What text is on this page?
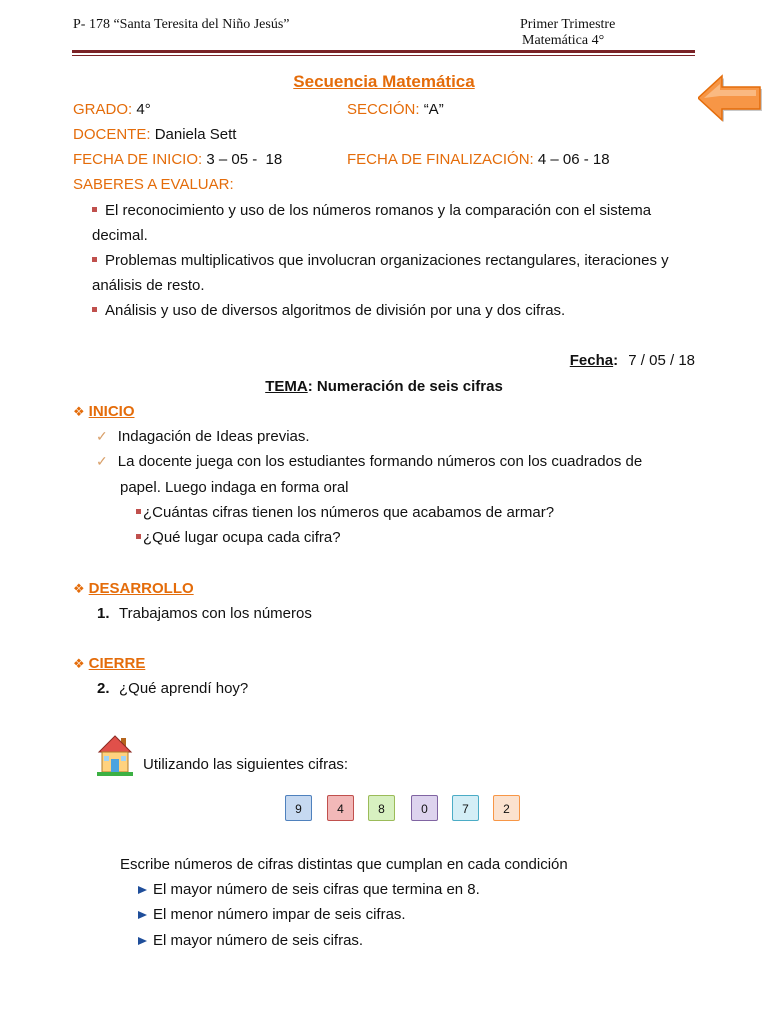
P- 178 “Santa Teresita del Niño Jesús”	Primer Trimestre
Matemática 4°
Secuencia Matemática
GRADO: 4°	SECCIÓN: “A”
DOCENTE: Daniela Sett
FECHA DE INICIO: 3 – 05 -  18	FECHA DE FINALIZACIÓN: 4 – 06 - 18
SABERES A EVALUAR:
El reconocimiento y uso de los números romanos y la comparación con el sistema
decimal.
Problemas multiplicativos que involucran organizaciones rectangulares, iteraciones y
análisis de resto.
Análisis y uso de diversos algoritmos de división por una y dos cifras.
Fecha: 7 / 05 / 18
TEMA: Numeración de seis cifras
❖ INICIO
✓ Indagación de Ideas previas.
✓ La docente juega con los estudiantes formando números con los cuadrados de
papel. Luego indaga en forma oral
¿Cuántas cifras tienen los números que acabamos de armar?
¿Qué lugar ocupa cada cifra?
❖ DESARROLLO
1. Trabajamos con los números
❖ CIERRE
2. ¿Qué aprendí hoy?
Utilizando las siguientes cifras:
9	4	8	0	7	2
Escribe números de cifras distintas que cumplan en cada condición
El mayor número de seis cifras que termina en 8.
El menor número impar de seis cifras.
El mayor número de seis cifras.
